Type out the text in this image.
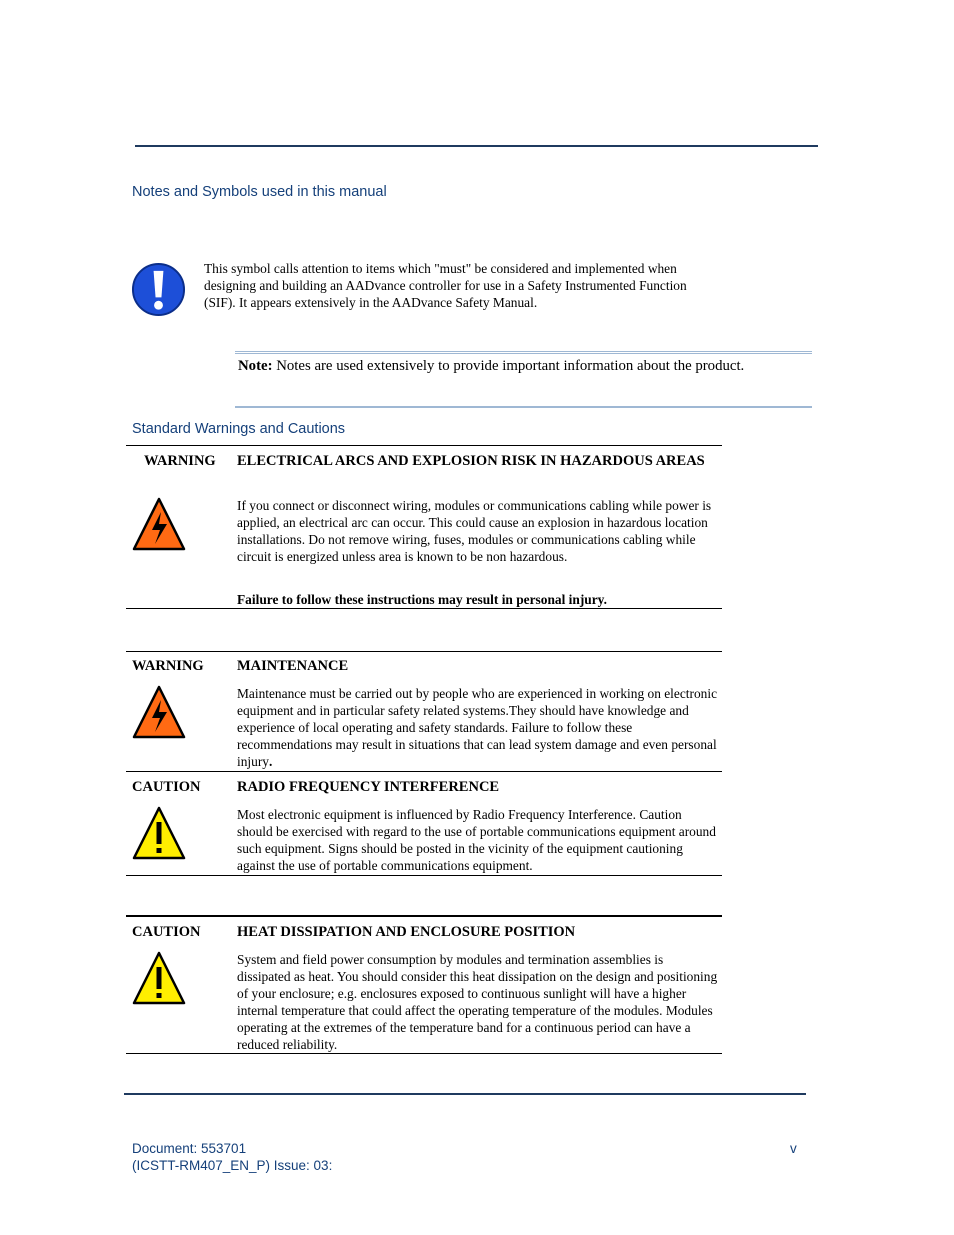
Notes and Symbols used in this manual
This symbol calls attention to items which "must" be considered and implemented when designing and building an AADvance controller for use in a Safety Instrumented Function (SIF). It appears extensively in the AADvance Safety Manual.
Note: Notes are used extensively to provide important information about the product.
Standard Warnings and Cautions
WARNING ELECTRICAL ARCS AND EXPLOSION RISK IN HAZARDOUS AREAS
If you connect or disconnect wiring, modules or communications cabling while power is applied, an electrical arc can occur. This could cause an explosion in hazardous location installations. Do not remove wiring, fuses, modules or communications cabling while circuit is energized unless area is known to be non hazardous.
Failure to follow these instructions may result in personal injury.
WARNING MAINTENANCE
Maintenance must be carried out by people who are experienced in working on electronic equipment and in particular safety related systems.They should have knowledge and experience of local operating and safety standards. Failure to follow these recommendations may result in situations that can lead system damage and even personal injury.
CAUTION	RADIO FREQUENCY INTERFERENCE
Most electronic equipment is influenced by Radio Frequency Interference. Caution should be exercised with regard to the use of portable communications equipment around such equipment. Signs should be posted in the vicinity of the equipment cautioning against the use of portable communications equipment.
CAUTION	HEAT DISSIPATION AND ENCLOSURE POSITION
System and field power consumption by modules and termination assemblies is dissipated as heat. You should consider this heat dissipation on the design and positioning of your enclosure; e.g. enclosures exposed to continuous sunlight will have a higher internal temperature that could affect the operating temperature of the modules. Modules operating at the extremes of the temperature band for a continuous period can have a reduced reliability.
Document: 553701
(ICSTT-RM407_EN_P) Issue: 03:
v
